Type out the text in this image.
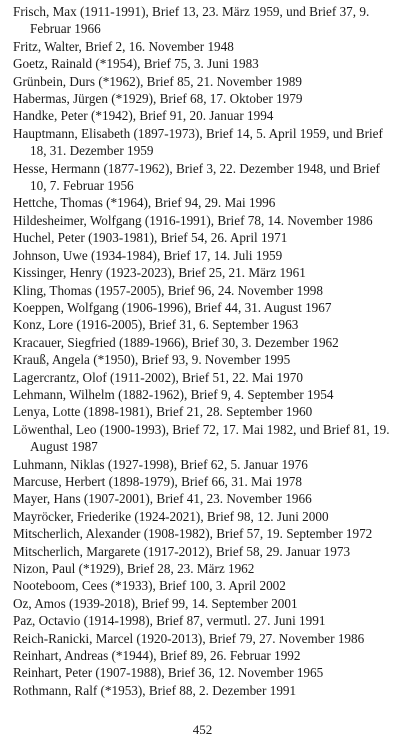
Frisch, Max (1911-1991), Brief 13, 23. März 1959, und Brief 37, 9. Februar 1966

Fritz, Walter, Brief 2, 16. November 1948

Goetz, Rainald (*1954), Brief 75, 3. Juni 1983

Grünbein, Durs (*1962), Brief 85, 21. November 1989

Habermas, Jürgen (*1929), Brief 68, 17. Oktober 1979

Handke, Peter (*1942), Brief 91, 20. Januar 1994

Hauptmann, Elisabeth (1897-1973), Brief 14, 5. April 1959, und Brief 18, 31. Dezember 1959

Hesse, Hermann (1877-1962), Brief 3, 22. Dezember 1948, und Brief 10, 7. Februar 1956

Hettche, Thomas (*1964), Brief 94, 29. Mai 1996

Hildesheimer, Wolfgang (1916-1991), Brief 78, 14. November 1986

Huchel, Peter (1903-1981), Brief 54, 26. April 1971

Johnson, Uwe (1934-1984), Brief 17, 14. Juli 1959

Kissinger, Henry (1923-2023), Brief 25, 21. März 1961

Kling, Thomas (1957-2005), Brief 96, 24. November 1998

Koeppen, Wolfgang (1906-1996), Brief 44, 31. August 1967

Konz, Lore (1916-2005), Brief 31, 6. September 1963

Kracauer, Siegfried (1889-1966), Brief 30, 3. Dezember 1962

Krauß, Angela (*1950), Brief 93, 9. November 1995

Lagercrantz, Olof (1911-2002), Brief 51, 22. Mai 1970

Lehmann, Wilhelm (1882-1962), Brief 9, 4. September 1954

Lenya, Lotte (1898-1981), Brief 21, 28. September 1960

Löwenthal, Leo (1900-1993), Brief 72, 17. Mai 1982, und Brief 81, 19. August 1987

Luhmann, Niklas (1927-1998), Brief 62, 5. Januar 1976

Marcuse, Herbert (1898-1979), Brief 66, 31. Mai 1978

Mayer, Hans (1907-2001), Brief 41, 23. November 1966

Mayröcker, Friederike (1924-2021), Brief 98, 12. Juni 2000

Mitscherlich, Alexander (1908-1982), Brief 57, 19. September 1972

Mitscherlich, Margarete (1917-2012), Brief 58, 29. Januar 1973

Nizon, Paul (*1929), Brief 28, 23. März 1962

Nooteboom, Cees (*1933), Brief 100, 3. April 2002

Oz, Amos (1939-2018), Brief 99, 14. September 2001

Paz, Octavio (1914-1998), Brief 87, vermutl. 27. Juni 1991

Reich-Ranicki, Marcel (1920-2013), Brief 79, 27. November 1986

Reinhart, Andreas (*1944), Brief 89, 26. Februar 1992

Reinhart, Peter (1907-1988), Brief 36, 12. November 1965

Rothmann, Ralf (*1953), Brief 88, 2. Dezember 1991

452
